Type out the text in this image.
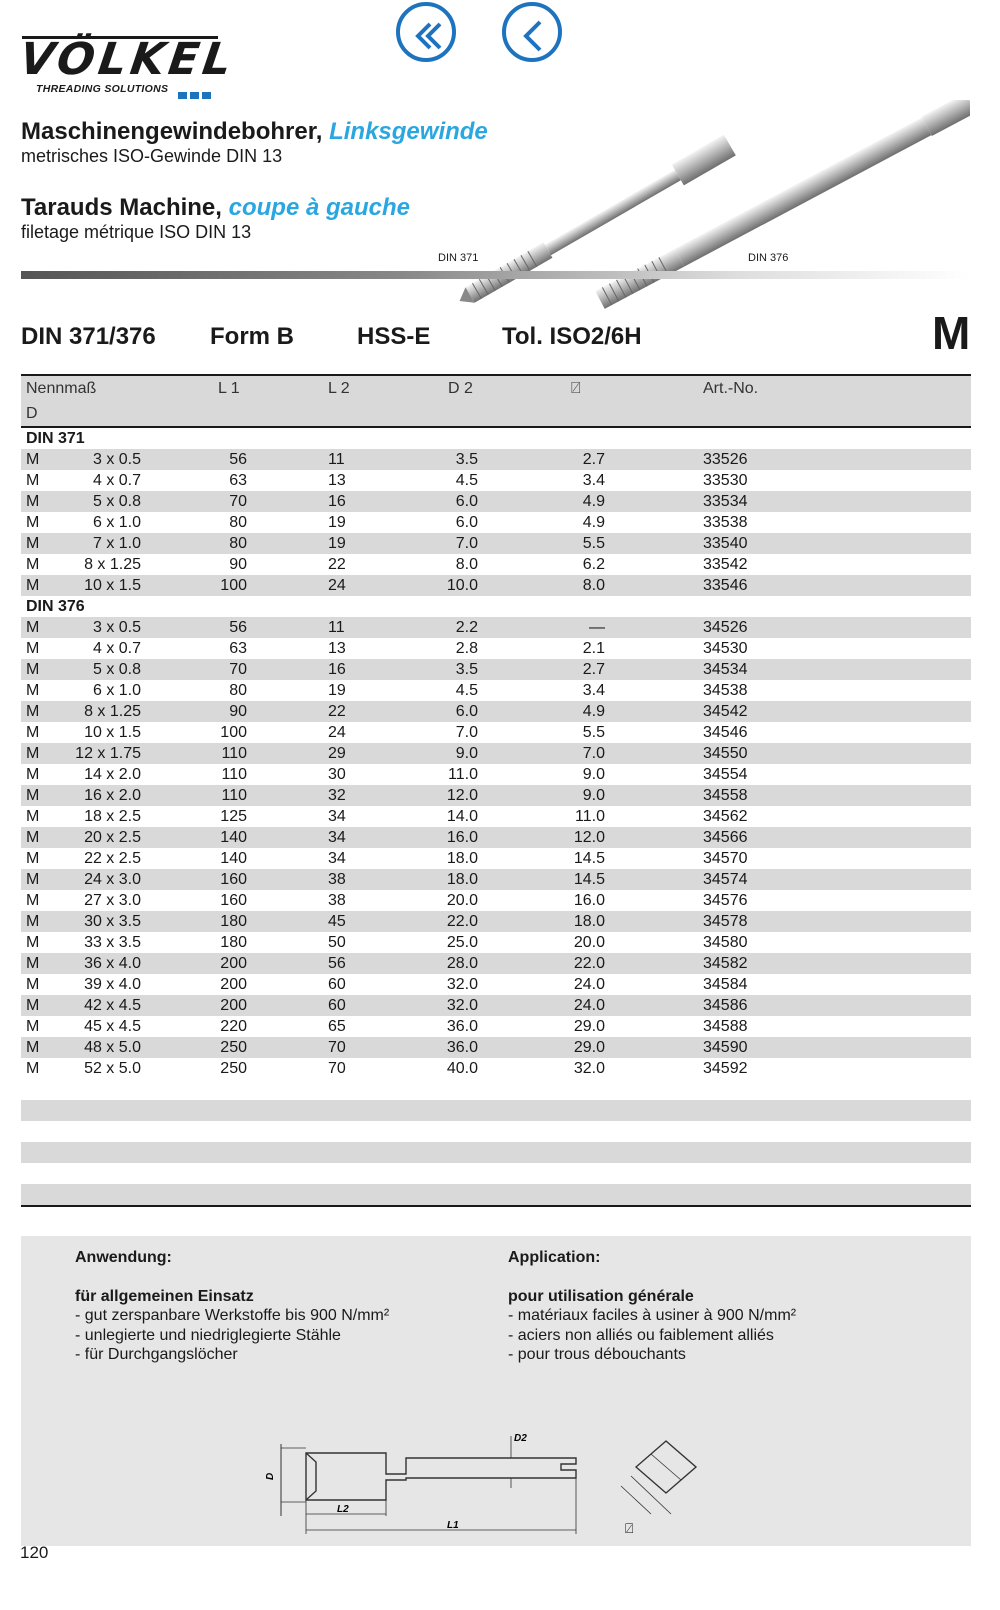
VÖLKEL
THREADING SOLUTIONS
Maschinengewindebohrer, Linksgewinde
metrisches ISO-Gewinde DIN 13
Tarauds Machine, coupe à gauche
filetage métrique ISO DIN 13
DIN 371	DIN 376
DIN 371/376 Form B	HSS-E	Tol. ISO2/6H	M
Nennmaß
D
L 1	L 2	D 2	⍁	Art.-No.
DIN 371
M	3 x 0.5	56	11	3.5	2.7	33526
M	4 x 0.7	63	13	4.5	3.4	33530
M	5 x 0.8	70	16	6.0	4.9	33534
M	6 x 1.0	80	19	6.0	4.9	33538
M	7 x 1.0	80	19	7.0	5.5	33540
M	8 x 1.25	90	22	8.0	6.2	33542
M	10 x 1.5	100	24	10.0	8.0	33546
DIN 376
M	3 x 0.5	56	11	2.2	—	34526
M	4 x 0.7	63	13	2.8	2.1	34530
M	5 x 0.8	70	16	3.5	2.7	34534
M	6 x 1.0	80	19	4.5	3.4	34538
M	8 x 1.25	90	22	6.0	4.9	34542
M	10 x 1.5	100	24	7.0	5.5	34546
M	12 x 1.75	110	29	9.0	7.0	34550
M	14 x 2.0	110	30	11.0	9.0	34554
M	16 x 2.0	110	32	12.0	9.0	34558
M	18 x 2.5	125	34	14.0	11.0	34562
M	20 x 2.5	140	34	16.0	12.0	34566
M	22 x 2.5	140	34	18.0	14.5	34570
M	24 x 3.0	160	38	18.0	14.5	34574
M	27 x 3.0	160	38	20.0	16.0	34576
M	30 x 3.5	180	45	22.0	18.0	34578
M	33 x 3.5	180	50	25.0	20.0	34580
M	36 x 4.0	200	56	28.0	22.0	34582
M	39 x 4.0	200	60	32.0	24.0	34584
M	42 x 4.5	200	60	32.0	24.0	34586
M	45 x 4.5	220	65	36.0	29.0	34588
M	48 x 5.0	250	70	36.0	29.0	34590
M	52 x 5.0	250	70	40.0	32.0	34592
Anwendung:
für allgemeinen Einsatz
- gut zerspanbare Werkstoffe bis 900 N/mm²
- unlegierte und niedriglegierte Stähle
- für Durchgangslöcher
Application:
pour utilisation générale
- matériaux faciles à usiner à 900 N/mm²
- aciers non alliés ou faiblement alliés
- pour trous débouchants
D
D2
L2
L1	⍁
120
